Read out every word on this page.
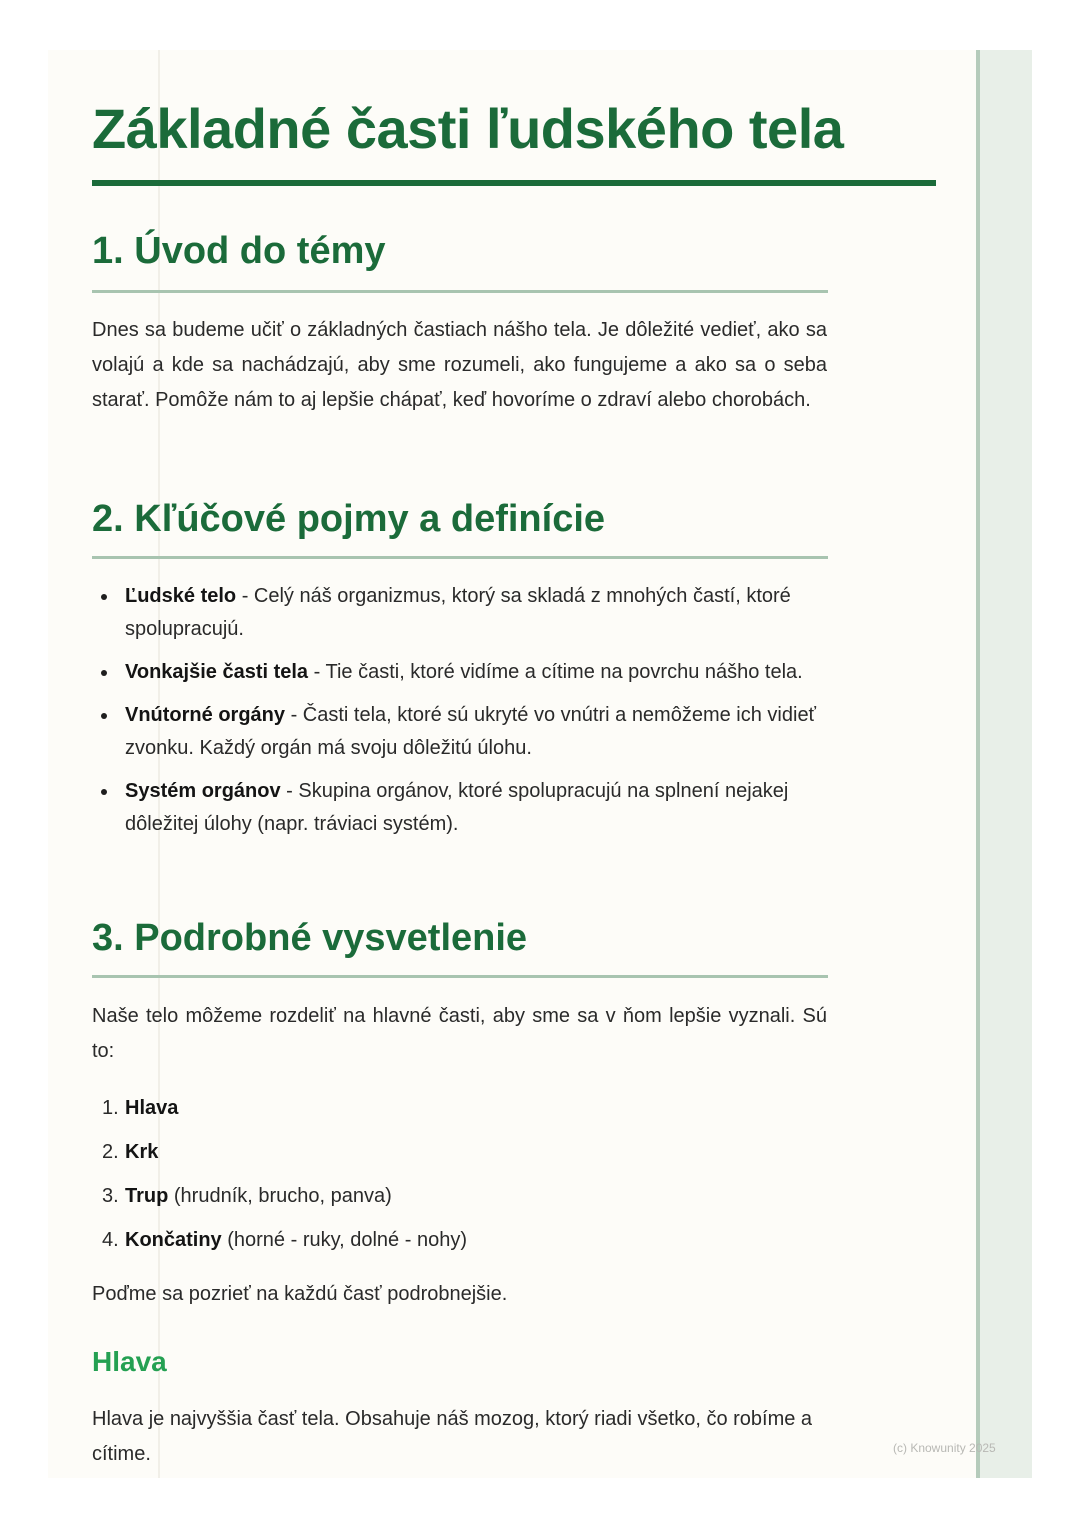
Základné časti ľudského tela
1. Úvod do témy

Dnes sa budeme učiť o základných častiach nášho tela. Je dôležité vedieť, ako sa volajú a kde sa nachádzajú, aby sme rozumeli, ako fungujeme a ako sa o seba starať. Pomôže nám to aj lepšie chápať, keď hovoríme o zdraví alebo chorobách.

2. Kľúčové pojmy a definície
Ľudské telo - Celý náš organizmus, ktorý sa skladá z mnohých častí, ktoré spolupracujú.
Vonkajšie časti tela - Tie časti, ktoré vidíme a cítime na povrchu nášho tela.
Vnútorné orgány - Časti tela, ktoré sú ukryté vo vnútri a nemôžeme ich vidieť zvonku. Každý orgán má svoju dôležitú úlohu.
Systém orgánov - Skupina orgánov, ktoré spolupracujú na splnení nejakej dôležitej úlohy (napr. tráviaci systém).
3. Podrobné vysvetlenie

Naše telo môžeme rozdeliť na hlavné časti, aby sme sa v ňom lepšie vyznali. Sú to:

1. Hlava
2. Krk
3. Trup (hrudník, brucho, panva)
4. Končatiny (horné - ruky, dolné - nohy)

Poďme sa pozrieť na každú časť podrobnejšie.

Hlava

Hlava je najvyššia časť tela. Obsahuje náš mozog, ktorý riadi všetko, čo robíme a cítime.	(c) Knowunity 2025
